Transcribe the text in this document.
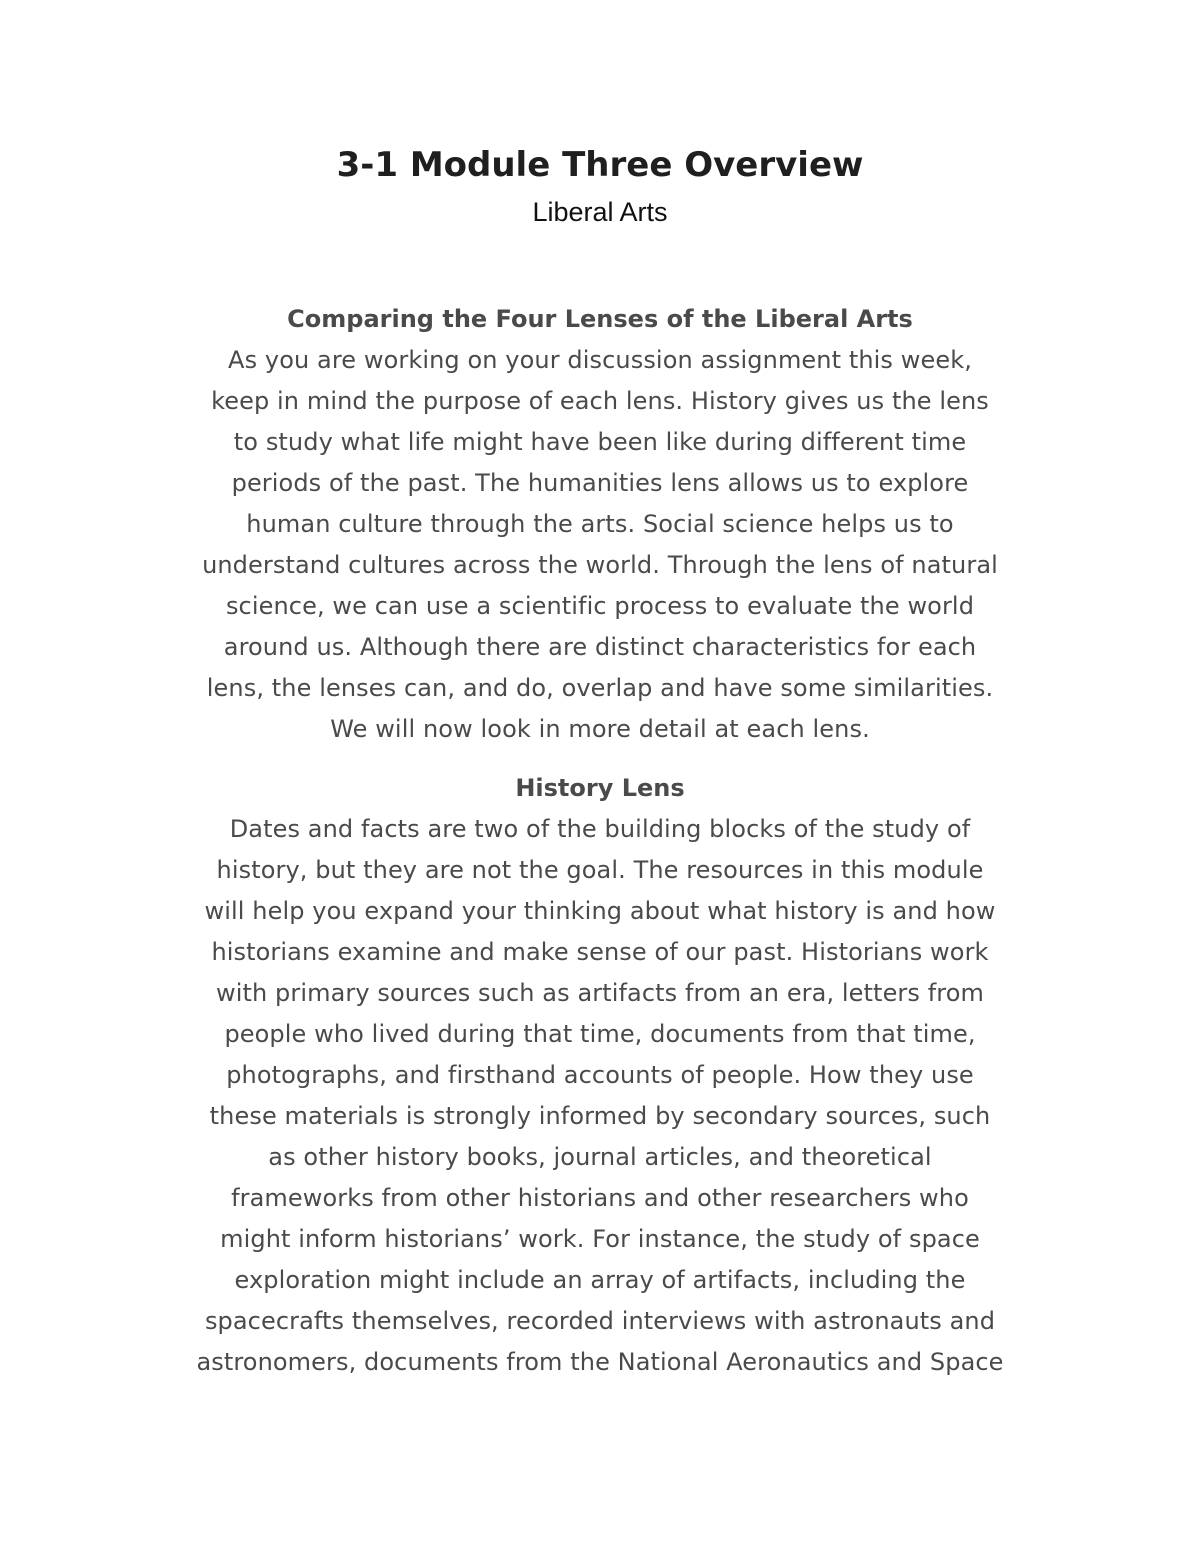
3-1 Module Three Overview
Liberal Arts
Comparing the Four Lenses of the Liberal Arts
As you are working on your discussion assignment this week,
keep in mind the purpose of each lens. History gives us the lens
to study what life might have been like during different time
periods of the past. The humanities lens allows us to explore
human culture through the arts. Social science helps us to
understand cultures across the world. Through the lens of natural
science, we can use a scientific process to evaluate the world
around us. Although there are distinct characteristics for each
lens, the lenses can, and do, overlap and have some similarities.
We will now look in more detail at each lens.
History Lens
Dates and facts are two of the building blocks of the study of
history, but they are not the goal. The resources in this module
will help you expand your thinking about what history is and how
historians examine and make sense of our past. Historians work
with primary sources such as artifacts from an era, letters from
people who lived during that time, documents from that time,
photographs, and firsthand accounts of people. How they use
these materials is strongly informed by secondary sources, such
as other history books, journal articles, and theoretical
frameworks from other historians and other researchers who
might inform historians’ work. For instance, the study of space
exploration might include an array of artifacts, including the
spacecrafts themselves, recorded interviews with astronauts and
astronomers, documents from the National Aeronautics and Space
